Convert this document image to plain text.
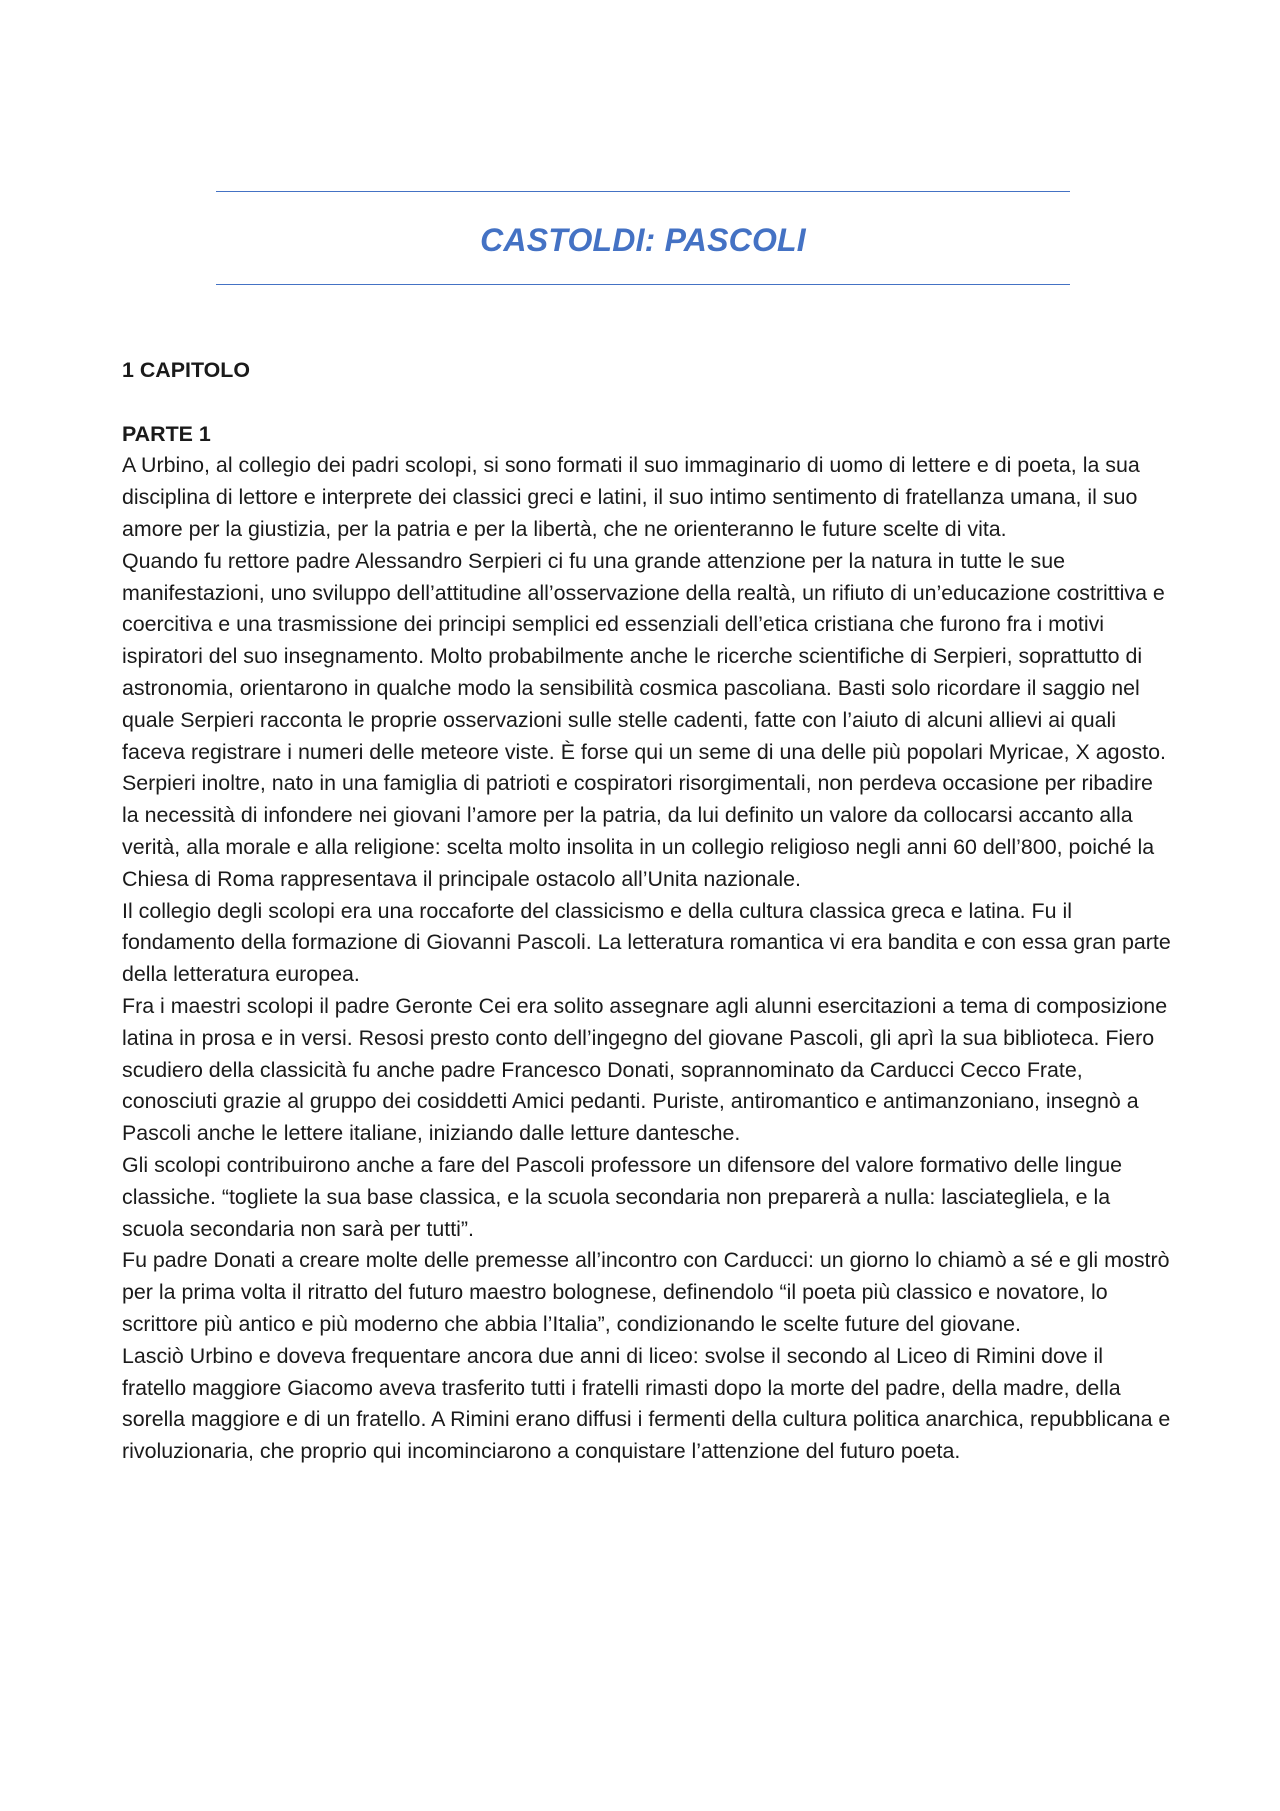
CASTOLDI: PASCOLI
1 CAPITOLO
PARTE 1

A Urbino, al collegio dei padri scolopi, si sono formati il suo immaginario di uomo di lettere e di poeta, la sua disciplina di lettore e interprete dei classici greci e latini, il suo intimo sentimento di fratellanza umana, il suo amore per la giustizia, per la patria e per la libertà, che ne orienteranno le future scelte di vita.

Quando fu rettore padre Alessandro Serpieri ci fu una grande attenzione per la natura in tutte le sue manifestazioni, uno sviluppo dell’attitudine all’osservazione della realtà, un rifiuto di un’educazione costrittiva e coercitiva e una trasmissione dei principi semplici ed essenziali dell’etica cristiana che furono fra i motivi ispiratori del suo insegnamento. Molto probabilmente anche le ricerche scientifiche di Serpieri, soprattutto di astronomia, orientarono in qualche modo la sensibilità cosmica pascoliana. Basti solo ricordare il saggio nel quale Serpieri racconta le proprie osservazioni sulle stelle cadenti, fatte con l’aiuto di alcuni allievi ai quali faceva registrare i numeri delle meteore viste. È forse qui un seme di una delle più popolari Myricae, X agosto.

Serpieri inoltre, nato in una famiglia di patrioti e cospiratori risorgimentali, non perdeva occasione per ribadire la necessità di infondere nei giovani l’amore per la patria, da lui definito un valore da collocarsi accanto alla verità, alla morale e alla religione: scelta molto insolita in un collegio religioso negli anni 60 dell’800, poiché la Chiesa di Roma rappresentava il principale ostacolo all’Unita nazionale.

Il collegio degli scolopi era una roccaforte del classicismo e della cultura classica greca e latina. Fu il fondamento della formazione di Giovanni Pascoli. La letteratura romantica vi era bandita e con essa gran parte della letteratura europea.

Fra i maestri scolopi il padre Geronte Cei era solito assegnare agli alunni esercitazioni a tema di composizione latina in prosa e in versi. Resosi presto conto dell’ingegno del giovane Pascoli, gli aprì la sua biblioteca. Fiero scudiero della classicità fu anche padre Francesco Donati, soprannominato da Carducci Cecco Frate, conosciuti grazie al gruppo dei cosiddetti Amici pedanti. Puriste, antiromantico e antimanzoniano, insegnò a Pascoli anche le lettere italiane, iniziando dalle letture dantesche.

Gli scolopi contribuirono anche a fare del Pascoli professore un difensore del valore formativo delle lingue classiche. “togliete la sua base classica, e la scuola secondaria non preparerà a nulla: lasciategliela, e la scuola secondaria non sarà per tutti”.

Fu padre Donati a creare molte delle premesse all’incontro con Carducci: un giorno lo chiamò a sé e gli mostrò per la prima volta il ritratto del futuro maestro bolognese, definendolo “il poeta più classico e novatore, lo scrittore più antico e più moderno che abbia l’Italia”, condizionando le scelte future del giovane.

Lasciò Urbino e doveva frequentare ancora due anni di liceo: svolse il secondo al Liceo di Rimini dove il fratello maggiore Giacomo aveva trasferito tutti i fratelli rimasti dopo la morte del padre, della madre, della sorella maggiore e di un fratello. A Rimini erano diffusi i fermenti della cultura politica anarchica, repubblicana e rivoluzionaria, che proprio qui incominciarono a conquistare l’attenzione del futuro poeta.
